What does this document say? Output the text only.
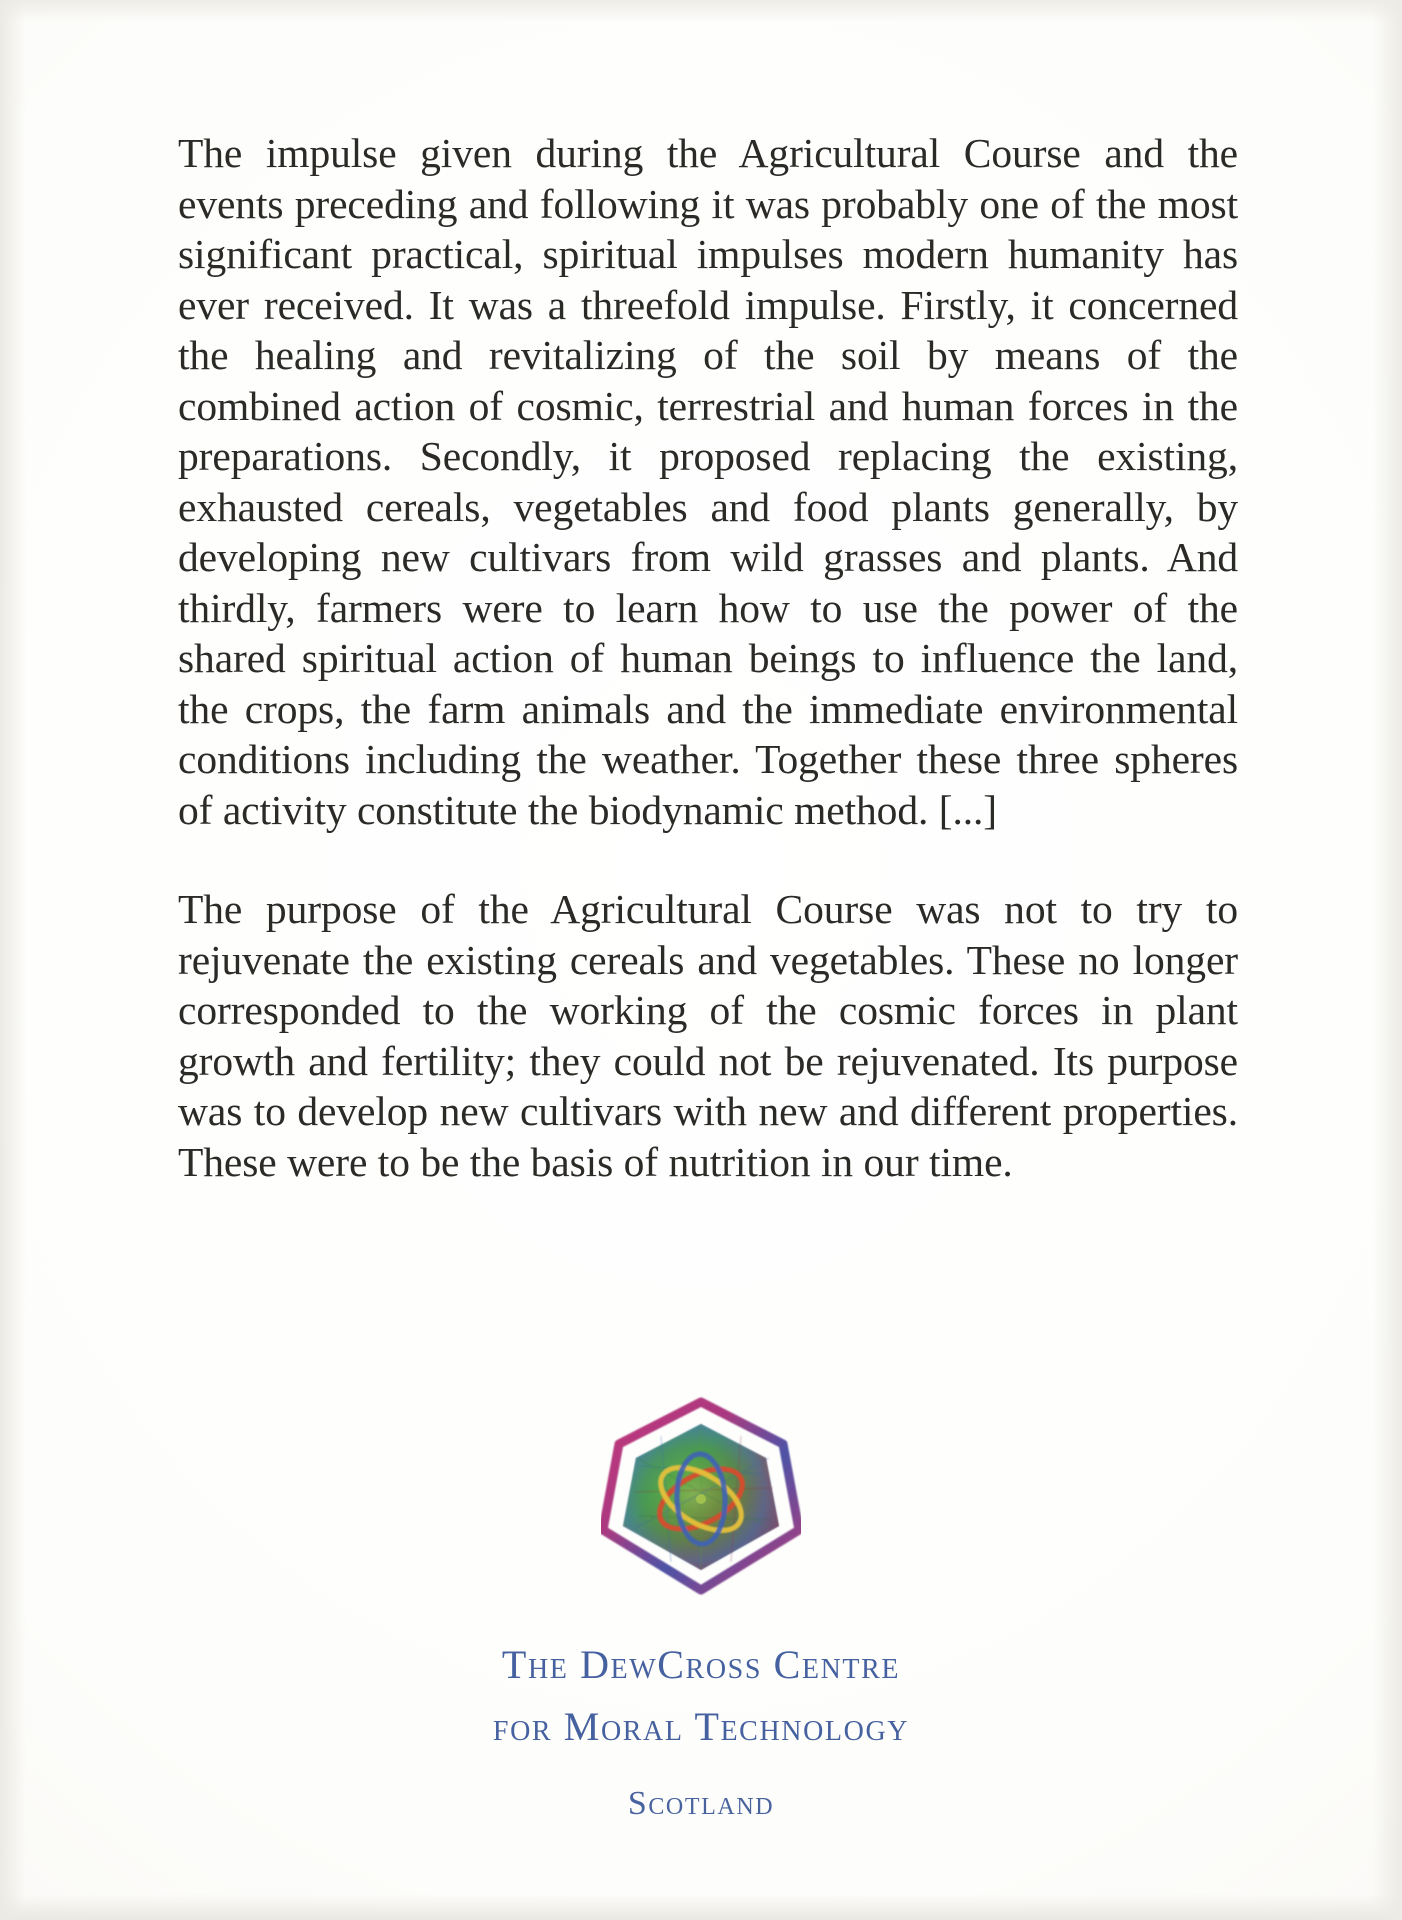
The impulse given during the Agricultural Course and the events preceding and following it was probably one of the most significant practical, spiritual impulses modern humanity has ever received. It was a threefold impulse. Firstly, it concerned the healing and revitalizing of the soil by means of the combined action of cosmic, terrestrial and human forces in the preparations. Secondly, it proposed replacing the existing, exhausted cereals, vegetables and food plants generally, by developing new cultivars from wild grasses and plants. And thirdly, farmers were to learn how to use the power of the shared spiritual action of human beings to influence the land, the crops, the farm animals and the immediate environmental conditions including the weather. Together these three spheres of activity constitute the biodynamic method. [...]

The purpose of the Agricultural Course was not to try to rejuvenate the existing cereals and vegetables. These no longer corresponded to the working of the cosmic forces in plant growth and fertility; they could not be rejuvenated. Its purpose was to develop new cultivars with new and different properties. These were to be the basis of nutrition in our time.

The DewCross Centre
for Moral Technology
Scotland
